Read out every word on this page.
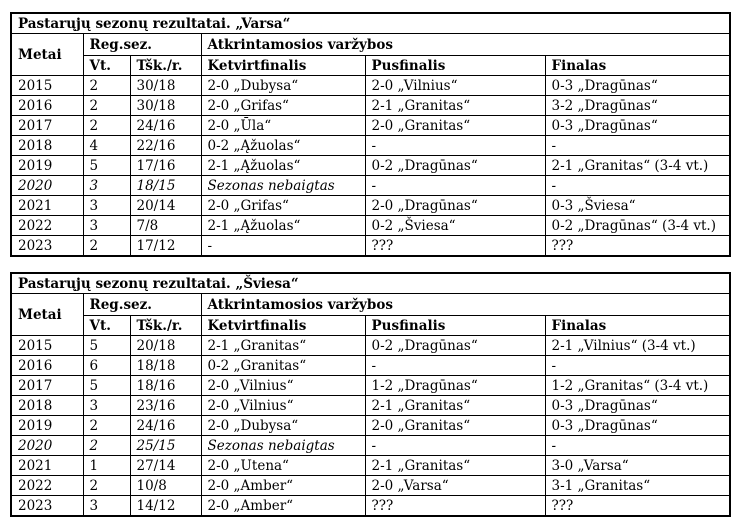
Pastarųjų sezonų rezultatai. „Varsa“					
Metai	Reg.sez.		Atkrintamosios varžybos		
	Vt.	Tšk./r.	Ketvirtfinalis	Pusfinalis	Finalas
2015	2	30/18	2-0 „Dubysa“	2-0 „Vilnius“	0-3 „Dragūnas“
2016	2	30/18	2-0 „Grifas“	2-1 „Granitas“	3-2 „Dragūnas“
2017	2	24/16	2-0 „Ūla“	2-0 „Granitas“	0-3 „Dragūnas“
2018	4	22/16	0-2 „Ąžuolas“	-	-
2019	5	17/16	2-1 „Ąžuolas“	0-2 „Dragūnas“	2-1 „Granitas“ (3-4 vt.)
2020	3	18/15	Sezonas nebaigtas	-	-
2021	3	20/14	2-0 „Grifas“	2-0 „Dragūnas“	0-3 „Šviesa“
2022	3	7/8	2-1 „Ąžuolas“	0-2 „Šviesa“	0-2 „Dragūnas“ (3-4 vt.)
2023	2	17/12	-	???	???
Pastarųjų sezonų rezultatai. „Šviesa“					
Metai	Reg.sez.		Atkrintamosios varžybos		
	Vt.	Tšk./r.	Ketvirtfinalis	Pusfinalis	Finalas
2015	5	20/18	2-1 „Granitas“	0-2 „Dragūnas“	2-1 „Vilnius“ (3-4 vt.)
2016	6	18/18	0-2 „Granitas“	-	-
2017	5	18/16	2-0 „Vilnius“	1-2 „Dragūnas“	1-2 „Granitas“ (3-4 vt.)
2018	3	23/16	2-0 „Vilnius“	2-1 „Granitas“	0-3 „Dragūnas“
2019	2	24/16	2-0 „Dubysa“	2-0 „Granitas“	0-3 „Dragūnas“
2020	2	25/15	Sezonas nebaigtas	-	-
2021	1	27/14	2-0 „Utena“	2-1 „Granitas“	3-0 „Varsa“
2022	2	10/8	2-0 „Amber“	2-0 „Varsa“	3-1 „Granitas“
2023	3	14/12	2-0 „Amber“	???	???
